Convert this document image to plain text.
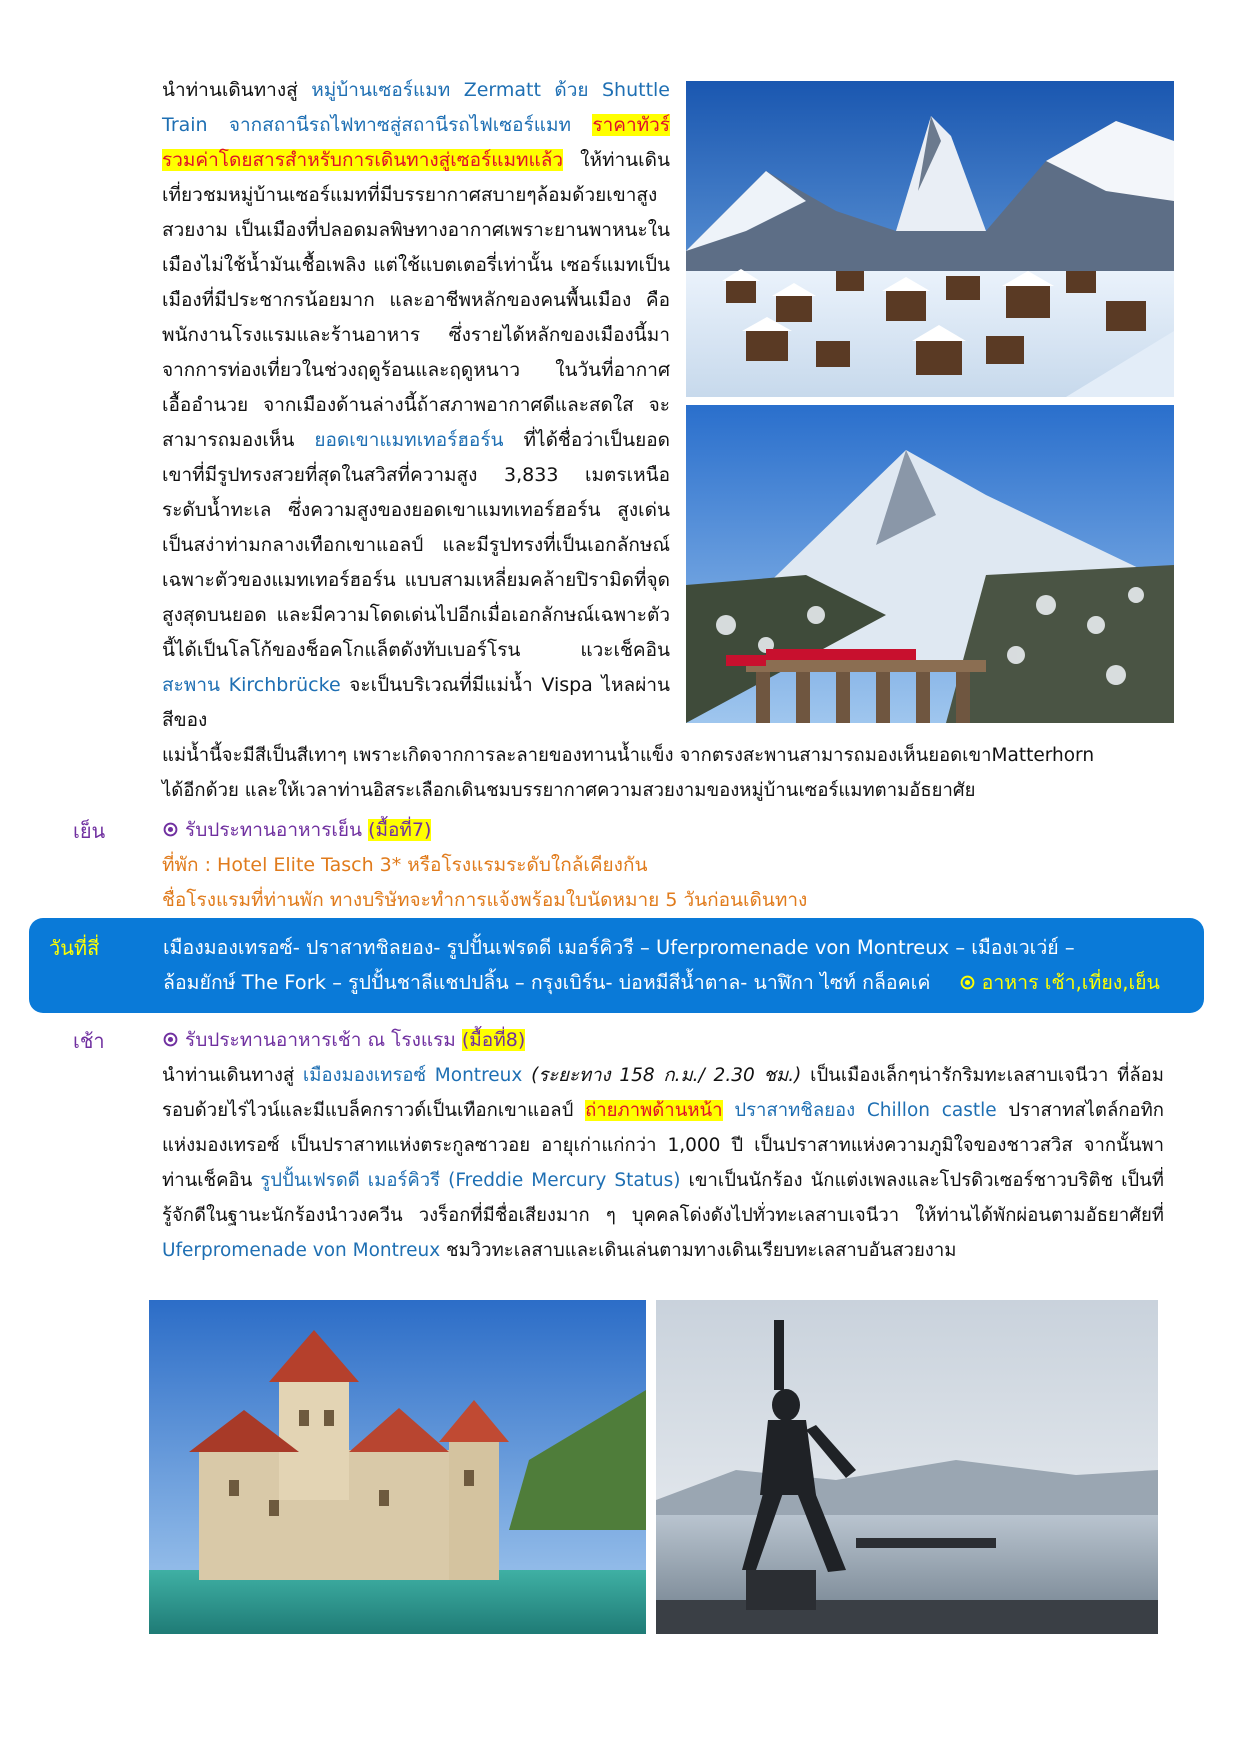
นำท่านเดินทางสู่ หมู่บ้านเซอร์แมท Zermatt ด้วย Shuttle Train จากสถานีรถไฟทาซสู่สถานีรถไฟเซอร์แมท ราคาทัวร์รวมค่าโดยสารสำหรับการเดินทางสู่เซอร์แมทแล้ว ให้ท่านเดินเที่ยวชมหมู่บ้านเซอร์แมทที่มีบรรยากาศสบายๆล้อมด้วยเขาสูงสวยงาม เป็นเมืองที่ปลอดมลพิษทางอากาศเพราะยานพาหนะในเมืองไม่ใช้น้ำมันเชื้อเพลิง แต่ใช้แบตเตอรี่เท่านั้น เซอร์แมทเป็นเมืองที่มีประชากรน้อยมาก และอาชีพหลักของคนพื้นเมือง คือพนักงานโรงแรมและร้านอาหาร ซึ่งรายได้หลักของเมืองนี้มาจากการท่องเที่ยวในช่วงฤดูร้อนและฤดูหนาว ในวันที่อากาศเอื้ออำนวย จากเมืองด้านล่างนี้ถ้าสภาพอากาศดีและสดใส จะสามารถมองเห็น ยอดเขาแมทเทอร์ฮอร์น ที่ได้ชื่อว่าเป็นยอดเขาที่มีรูปทรงสวยที่สุดในสวิสที่ความสูง 3,833 เมตรเหนือระดับน้ำทะเล ซึ่งความสูงของยอดเขาแมทเทอร์ฮอร์น สูงเด่นเป็นสง่าท่ามกลางเทือกเขาแอลป์ และมีรูปทรงที่เป็นเอกลักษณ์เฉพาะตัวของแมทเทอร์ฮอร์น แบบสามเหลี่ยมคล้ายปิรามิดที่จุดสูงสุดบนยอด และมีความโดดเด่นไปอีกเมื่อเอกลักษณ์เฉพาะตัวนี้ได้เป็นโลโก้ของช็อคโกแล็ตดังทับเบอร์โรน แวะเช็คอิน สะพาน Kirchbrücke จะเป็นบริเวณที่มีแม่น้ำ Vispa ไหลผ่าน สีของ
แม่น้ำนี้จะมีสีเป็นสีเทาๆ เพราะเกิดจากการละลายของทานน้ำแข็ง จากตรงสะพานสามารถมองเห็นยอดเขาMatterhorn
ได้อีกด้วย และให้เวลาท่านอิสระเลือกเดินชมบรรยากาศความสวยงามของหมู่บ้านเซอร์แมทตามอัธยาศัย
เย็น	รับประทานอาหารเย็น (มื้อที่7)
ที่พัก : Hotel Elite Tasch 3* หรือโรงแรมระดับใกล้เคียงกัน
ชื่อโรงแรมที่ท่านพัก ทางบริษัทจะทำการแจ้งพร้อมใบนัดหมาย 5 วันก่อนเดินทาง
วันที่สี่	เมืองมองเทรอซ์- ปราสาทชิลยอง- รูปปั้นเฟรดดี เมอร์คิวรี – Uferpromenade von Montreux – เมืองเวเว่ย์ –
ล้อมยักษ์ The Fork – รูปปั้นชาลีแชปปลิ้น – กรุงเบิร์น- บ่อหมีสีน้ำตาล- นาฬิกา ไซท์ กล็อคเค่	อาหาร เช้า,เที่ยง,เย็น
เช้า	รับประทานอาหารเช้า ณ โรงแรม (มื้อที่8)
นำท่านเดินทางสู่ เมืองมองเทรอซ์ Montreux (ระยะทาง 158 ก.ม./ 2.30 ชม.) เป็นเมืองเล็กๆน่ารักริมทะเลสาบเจนีวา ที่ล้อมรอบด้วยไร่ไวน์และมีแบล็คกราวด์เป็นเทือกเขาแอลป์ ถ่ายภาพด้านหน้า ปราสาทชิลยอง Chillon castle ปราสาทสไตล์กอทิกแห่งมองเทรอซ์ เป็นปราสาทแห่งตระกูลซาวอย อายุเก่าแก่กว่า 1,000 ปี เป็นปราสาทแห่งความภูมิใจของชาวสวิส จากนั้นพาท่านเช็คอิน รูปปั้นเฟรดดี เมอร์คิวรี (Freddie Mercury Status) เขาเป็นนักร้อง นักแต่งเพลงและโปรดิวเซอร์ชาวบริติช เป็นที่รู้จักดีในฐานะนักร้องนำวงควีน วงร็อกที่มีชื่อเสียงมาก ๆ บุคคลโด่งดังไปทั่วทะเลสาบเจนีวา ให้ท่านได้พักผ่อนตามอัธยาศัยที่ Uferpromenade von Montreux ชมวิวทะเลสาบและเดินเล่นตามทางเดินเรียบทะเลสาบอันสวยงาม
